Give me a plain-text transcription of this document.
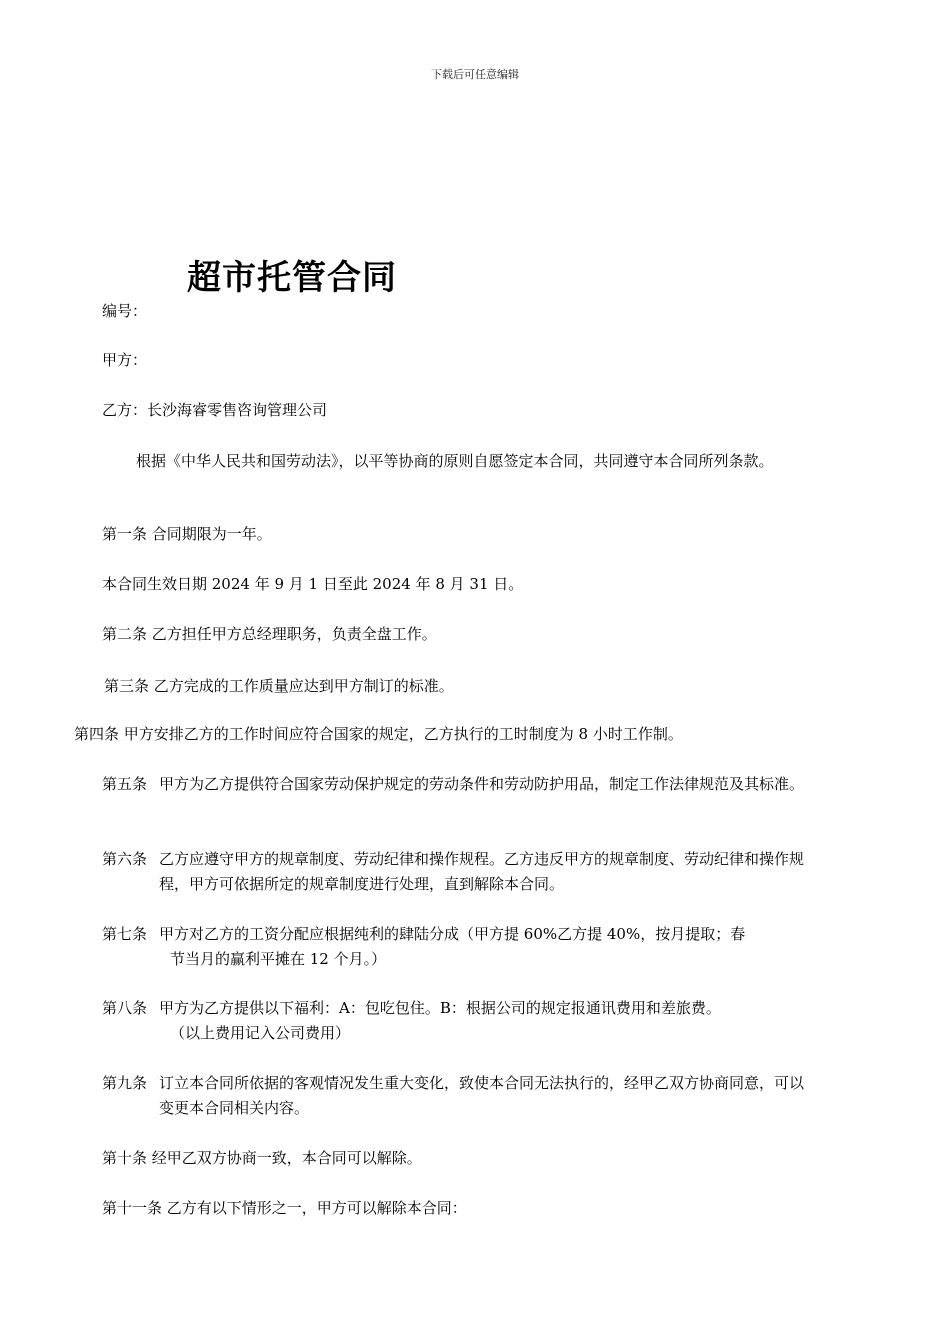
下载后可任意编辑
超市托管合同
编号：
甲方：
乙方：长沙海睿零售咨询管理公司
根据《中华人民共和国劳动法》，以平等协商的原则自愿签定本合同，共同遵守本合同所列条款。
第一条 合同期限为一年。
本合同生效日期 2024 年 9 月 1 日至此 2024 年 8 月 31 日。
第二条 乙方担任甲方总经理职务，负责全盘工作。
第三条 乙方完成的工作质量应达到甲方制订的标准。
第四条 甲方安排乙方的工作时间应符合国家的规定，乙方执行的工时制度为 8 小时工作制。
第五条 甲方为乙方提供符合国家劳动保护规定的劳动条件和劳动防护用品，制定工作法律规范及其标准。
第六条 乙方应遵守甲方的规章制度、劳动纪律和操作规程。乙方违反甲方的规章制度、劳动纪律和操作规程，甲方可依据所定的规章制度进行处理，直到解除本合同。
第七条 甲方对乙方的工资分配应根据纯利的肆陆分成（甲方提 60%乙方提 40%，按月提取；春
节当月的赢利平摊在 12 个月。）
第八条 甲方为乙方提供以下福利：A：包吃包住。B：根据公司的规定报通讯费用和差旅费。
（以上费用记入公司费用）
第九条 订立本合同所依据的客观情况发生重大变化，致使本合同无法执行的，经甲乙双方协商同意，可以变更本合同相关内容。
第十条 经甲乙双方协商一致，本合同可以解除。
第十一条 乙方有以下情形之一，甲方可以解除本合同：
